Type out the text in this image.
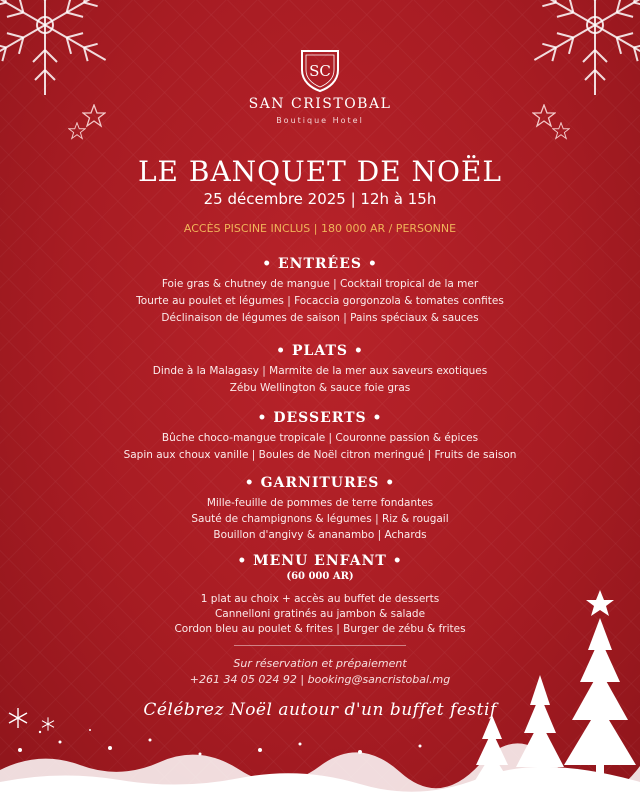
SC
SAN CRISTOBAL
Boutique Hotel
LE BANQUET DE NOËL
25 décembre 2025 | 12h à 15h
ACCÈS PISCINE INCLUS | 180 000 AR / PERSONNE
• ENTRÉES •
Foie gras & chutney de mangue | Cocktail tropical de la mer
Tourte au poulet et légumes | Focaccia gorgonzola & tomates confites
Déclinaison de légumes de saison | Pains spéciaux & sauces
• PLATS •
Dinde à la Malagasy | Marmite de la mer aux saveurs exotiques
Zébu Wellington & sauce foie gras
• DESSERTS •
Bûche choco-mangue tropicale | Couronne passion & épices
Sapin aux choux vanille | Boules de Noël citron meringué | Fruits de saison
• GARNITURES •
Mille-feuille de pommes de terre fondantes
Sauté de champignons & légumes | Riz & rougail
Bouillon d'angivy & ananambo | Achards
• MENU ENFANT •
(60 000 AR)
1 plat au choix + accès au buffet de desserts
Cannelloni gratinés au jambon & salade
Cordon bleu au poulet & frites | Burger de zébu & frites
Sur réservation et prépaiement
+261 34 05 024 92 | booking@sancristobal.mg
Célébrez Noël autour d'un buffet festif
